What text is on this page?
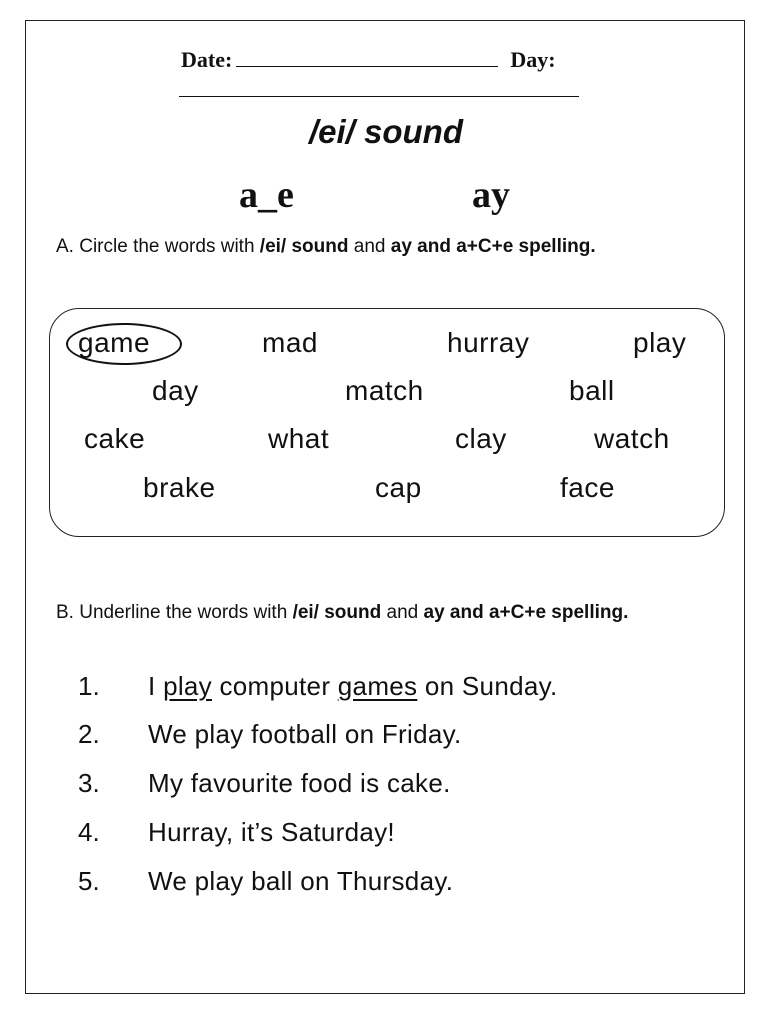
Date:	Day:
/ei/ sound
a_e	ay
A. Circle the words with /ei/ sound and ay and a+C+e spelling.
game	mad	hurray	play
day	match	ball
cake	what	clay	watch
brake	cap	face
B. Underline the words with /ei/ sound and ay and a+C+e spelling.
1. I play computer games on Sunday.
2. We play football on Friday.
3. My favourite food is cake.
4. Hurray, it’s Saturday!
5. We play ball on Thursday.
